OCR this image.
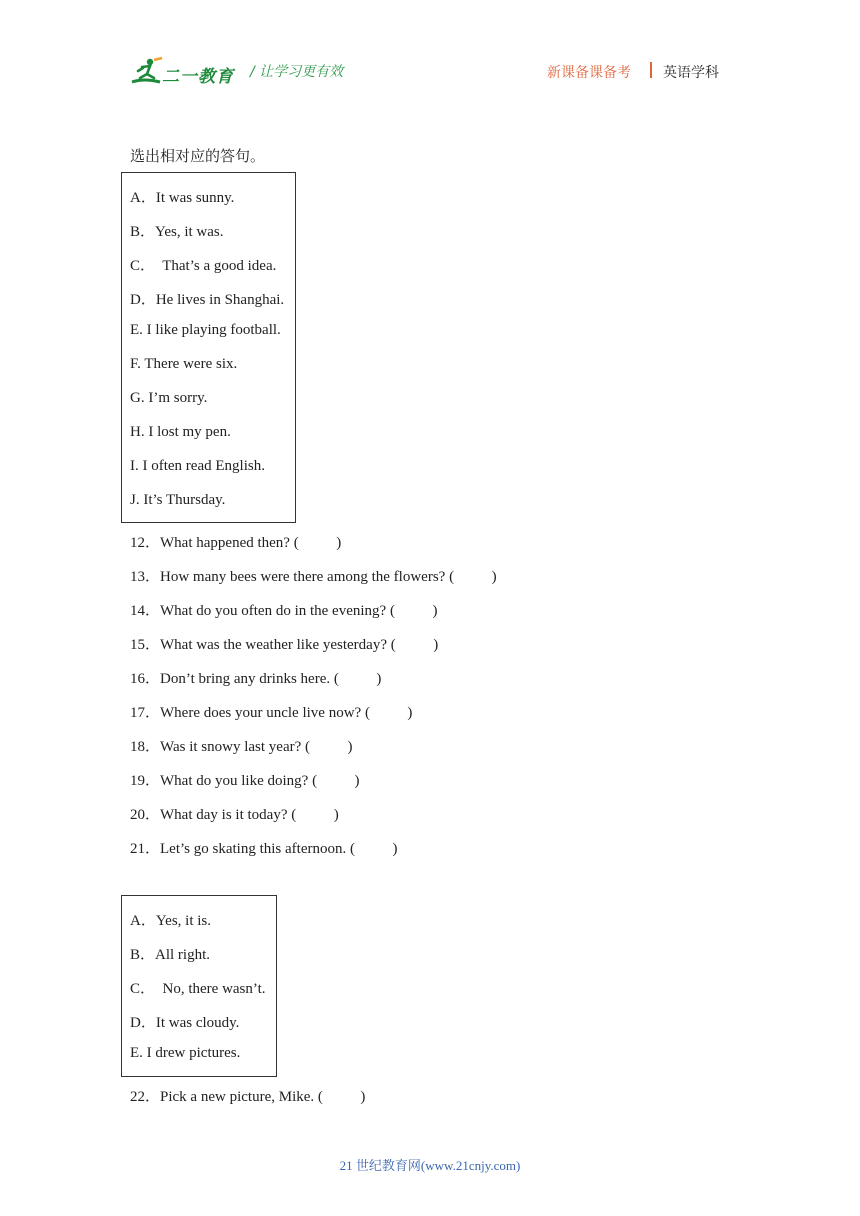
二一教育 / 让学习更有效	新课备课备考 英语学科
选出相对应的答句。
A．It was sunny.
B．Yes, it was.
C．  That’s a good idea.
D．He lives in Shanghai.
E. I like playing football.
F. There were six.
G. I’m sorry.
H. I lost my pen.
I. I often read English.
J. It’s Thursday.
12．What happened then? (          )
13．How many bees were there among the flowers? (          )
14．What do you often do in the evening? (          )
15．What was the weather like yesterday? (          )
16．Don’t bring any drinks here. (          )
17．Where does your uncle live now? (          )
18．Was it snowy last year? (          )
19．What do you like doing? (          )
20．What day is it today? (          )
21．Let’s go skating this afternoon. (          )
A．Yes, it is.
B．All right.
C．  No, there wasn’t.
D．It was cloudy.
E. I drew pictures.
22．Pick a new picture, Mike. (          )
21 世纪教育网(www.21cnjy.com)
